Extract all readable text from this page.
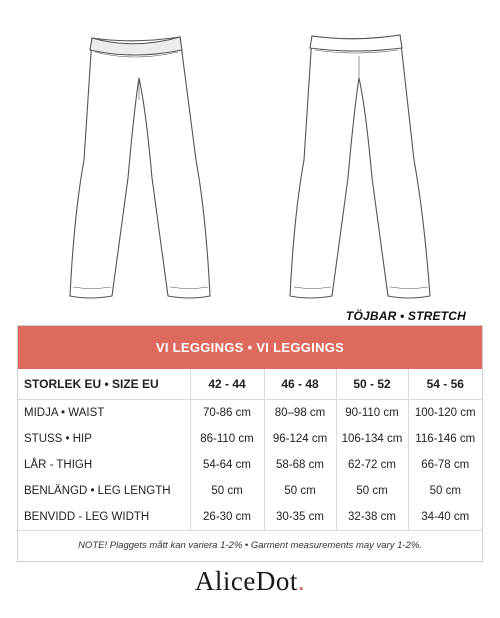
TÖJBAR • STRETCH
VI LEGGINGS • VI LEGGINGS
STORLEK EU • SIZE EU	42 - 44	46 - 48	50 - 52	54 - 56
MIDJA • WAIST	70-86 cm	80–98 cm	90-110 cm	100-120 cm
STUSS • HIP	86-110 cm	96-124 cm	106-134 cm	116-146 cm
LÅR - THIGH	54-64 cm	58-68 cm	62-72 cm	66-78 cm
BENLÄNGD • LEG LENGTH	50 cm	50 cm	50 cm	50 cm
BENVIDD - LEG WIDTH	26-30 cm	30-35 cm	32-38 cm	34-40 cm
NOTE! Plaggets mått kan variera 1-2% • Garment measurements may vary 1-2%.
AliceDot.
